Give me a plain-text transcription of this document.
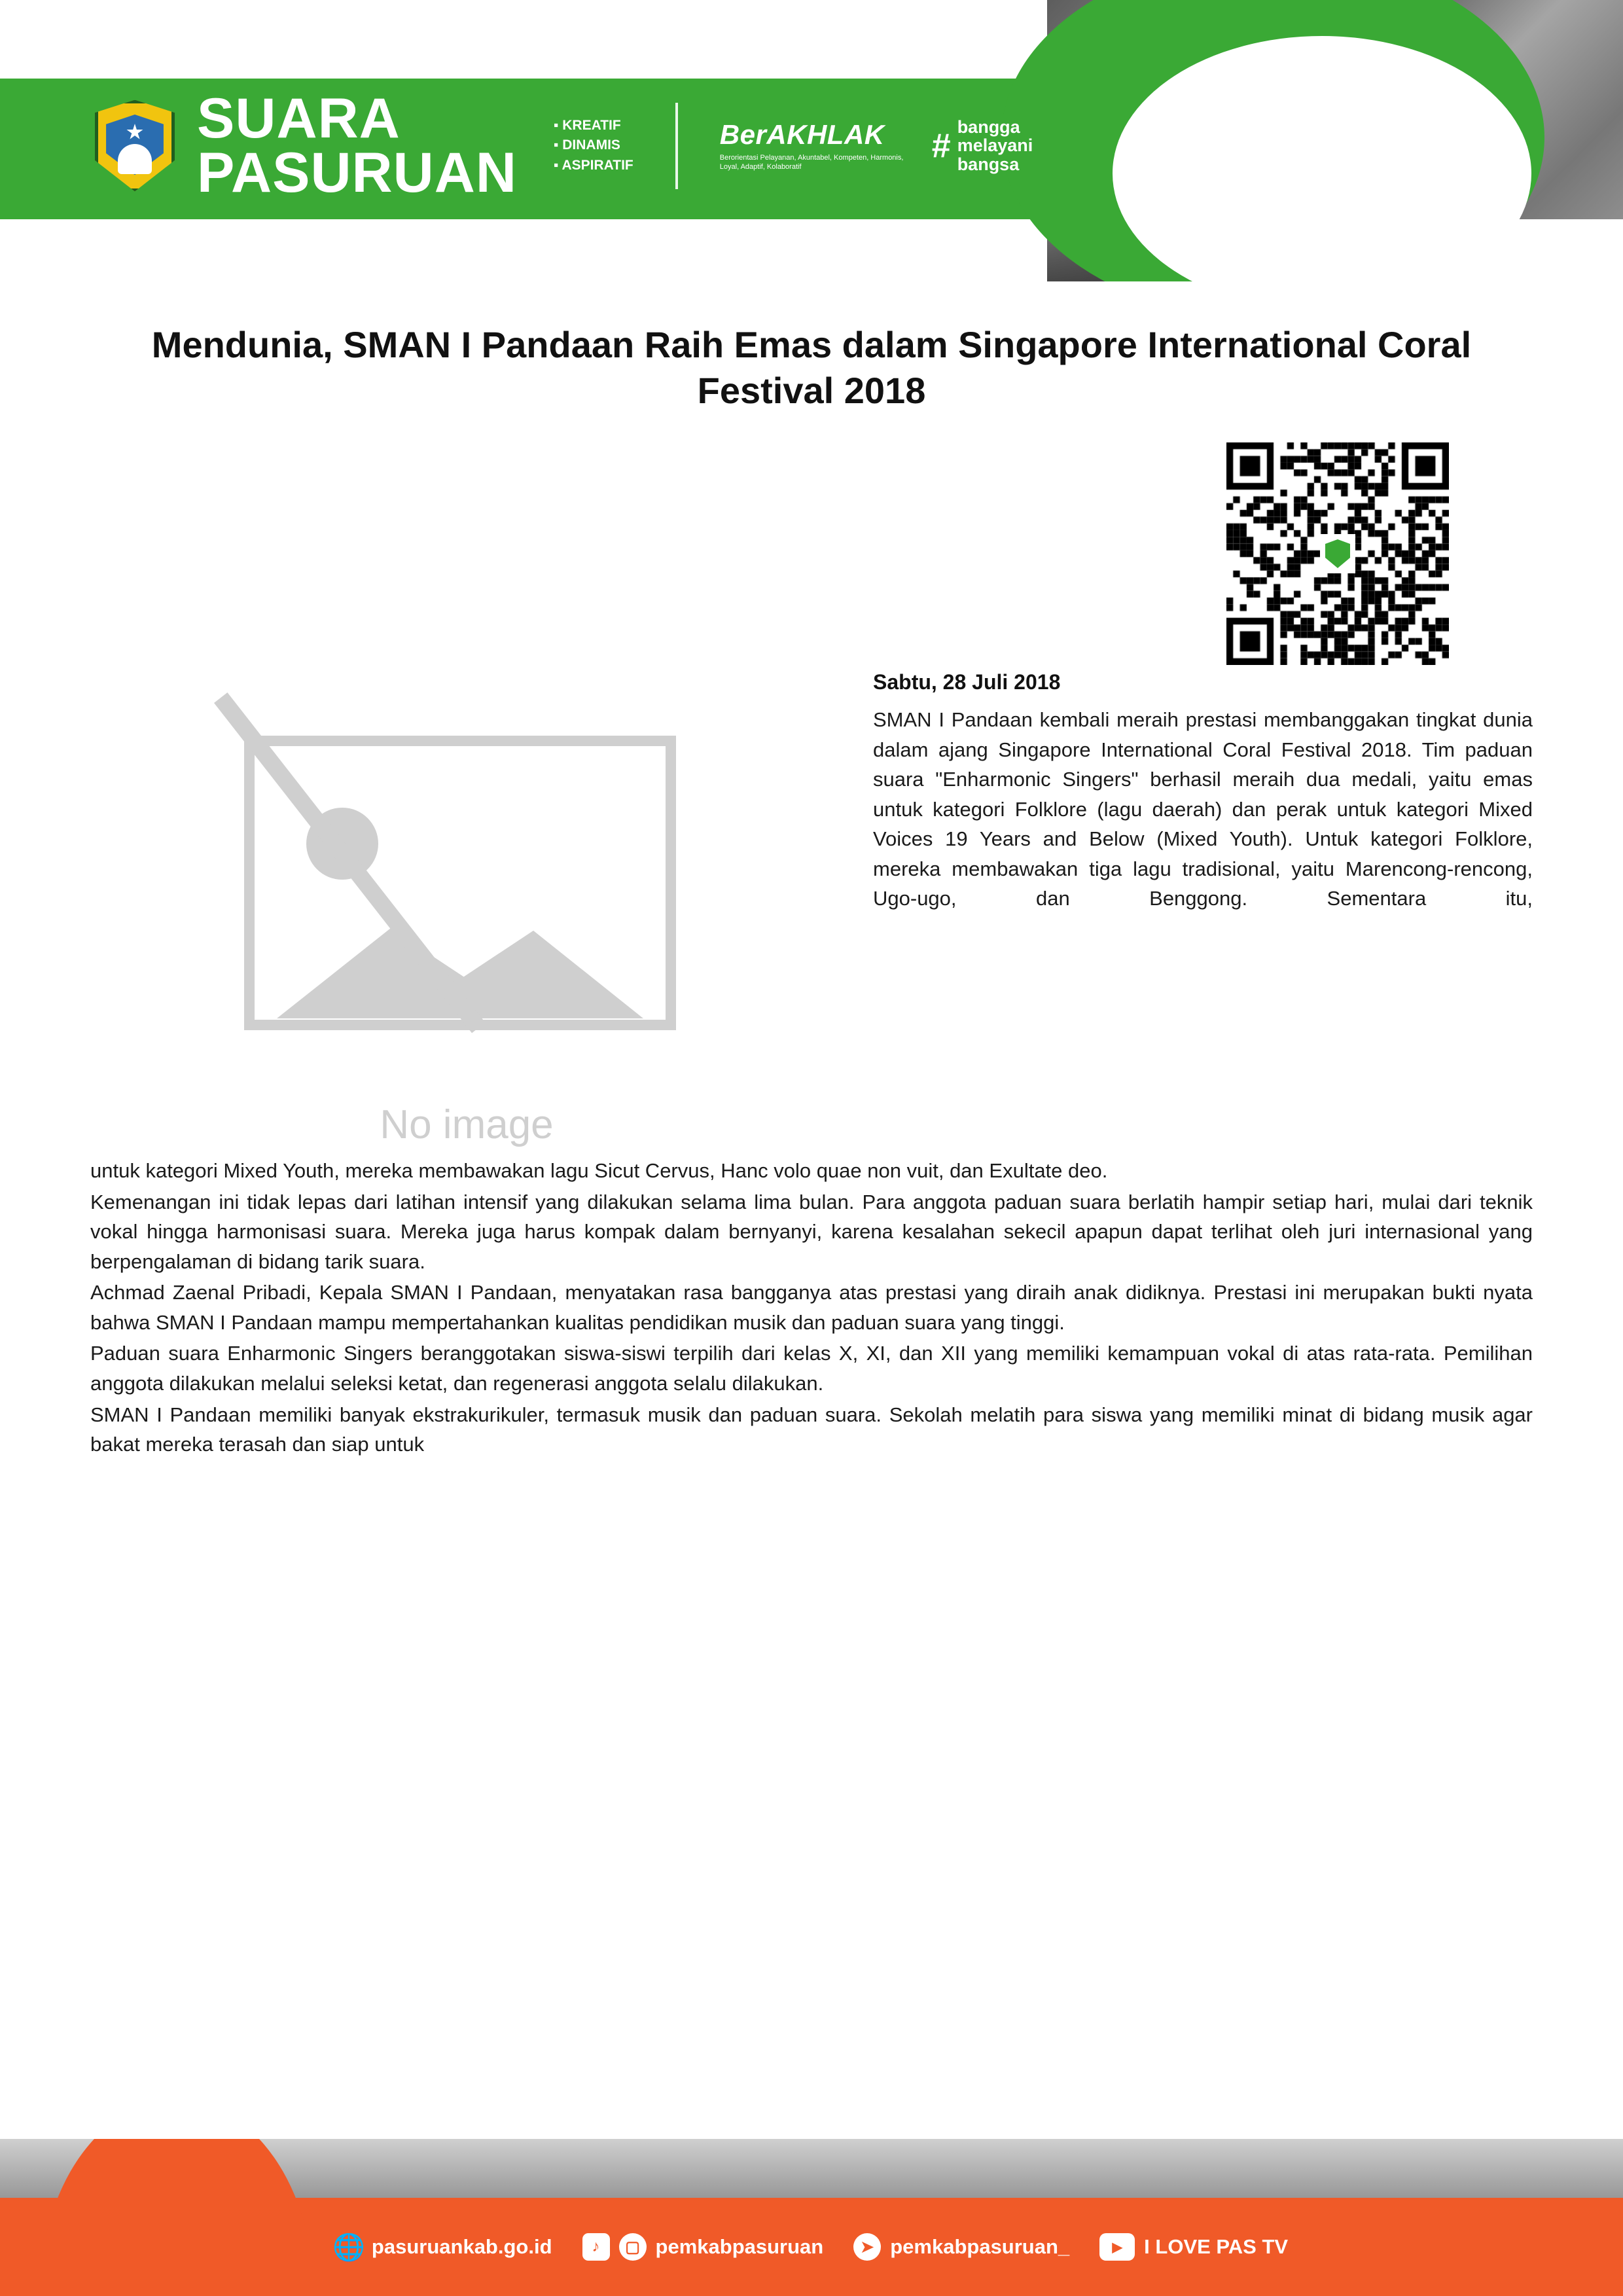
SUARA
PASURUAN
▪ KREATIF
▪ DINAMIS
▪ ASPIRATIF
BerAKHLAK
Berorientasi Pelayanan, Akuntabel, Kompeten, Harmonis, Loyal, Adaptif, Kolaboratif
# bangga
melayani
bangsa
Mendunia, SMAN I Pandaan Raih Emas dalam Singapore International Coral Festival 2018
No image
Sabtu, 28 Juli 2018

SMAN I Pandaan kembali meraih prestasi membanggakan tingkat dunia dalam ajang Singapore International Coral Festival 2018. Tim paduan suara "Enharmonic Singers" berhasil meraih dua medali, yaitu emas untuk kategori Folklore (lagu daerah) dan perak untuk kategori Mixed Voices 19 Years and Below (Mixed Youth). Untuk kategori Folklore, mereka membawakan tiga lagu tradisional, yaitu Marencong-rencong, Ugo-ugo, dan Benggong. Sementara itu,

untuk kategori Mixed Youth, mereka membawakan lagu Sicut Cervus, Hanc volo quae non vuit, dan Exultate deo.

Kemenangan ini tidak lepas dari latihan intensif yang dilakukan selama lima bulan. Para anggota paduan suara berlatih hampir setiap hari, mulai dari teknik vokal hingga harmonisasi suara. Mereka juga harus kompak dalam bernyanyi, karena kesalahan sekecil apapun dapat terlihat oleh juri internasional yang berpengalaman di bidang tarik suara.

Achmad Zaenal Pribadi, Kepala SMAN I Pandaan, menyatakan rasa bangganya atas prestasi yang diraih anak didiknya. Prestasi ini merupakan bukti nyata bahwa SMAN I Pandaan mampu mempertahankan kualitas pendidikan musik dan paduan suara yang tinggi.

Paduan suara Enharmonic Singers beranggotakan siswa-siswi terpilih dari kelas X, XI, dan XII yang memiliki kemampuan vokal di atas rata-rata. Pemilihan anggota dilakukan melalui seleksi ketat, dan regenerasi anggota selalu dilakukan.

SMAN I Pandaan memiliki banyak ekstrakurikuler, termasuk musik dan paduan suara. Sekolah melatih para siswa yang memiliki minat di bidang musik agar bakat mereka terasah dan siap untuk

🌐 pasuruankab.go.id	♪	▢ pemkabpasuruan	➤ pemkabpasuruan_	▶	I LOVE PAS TV
